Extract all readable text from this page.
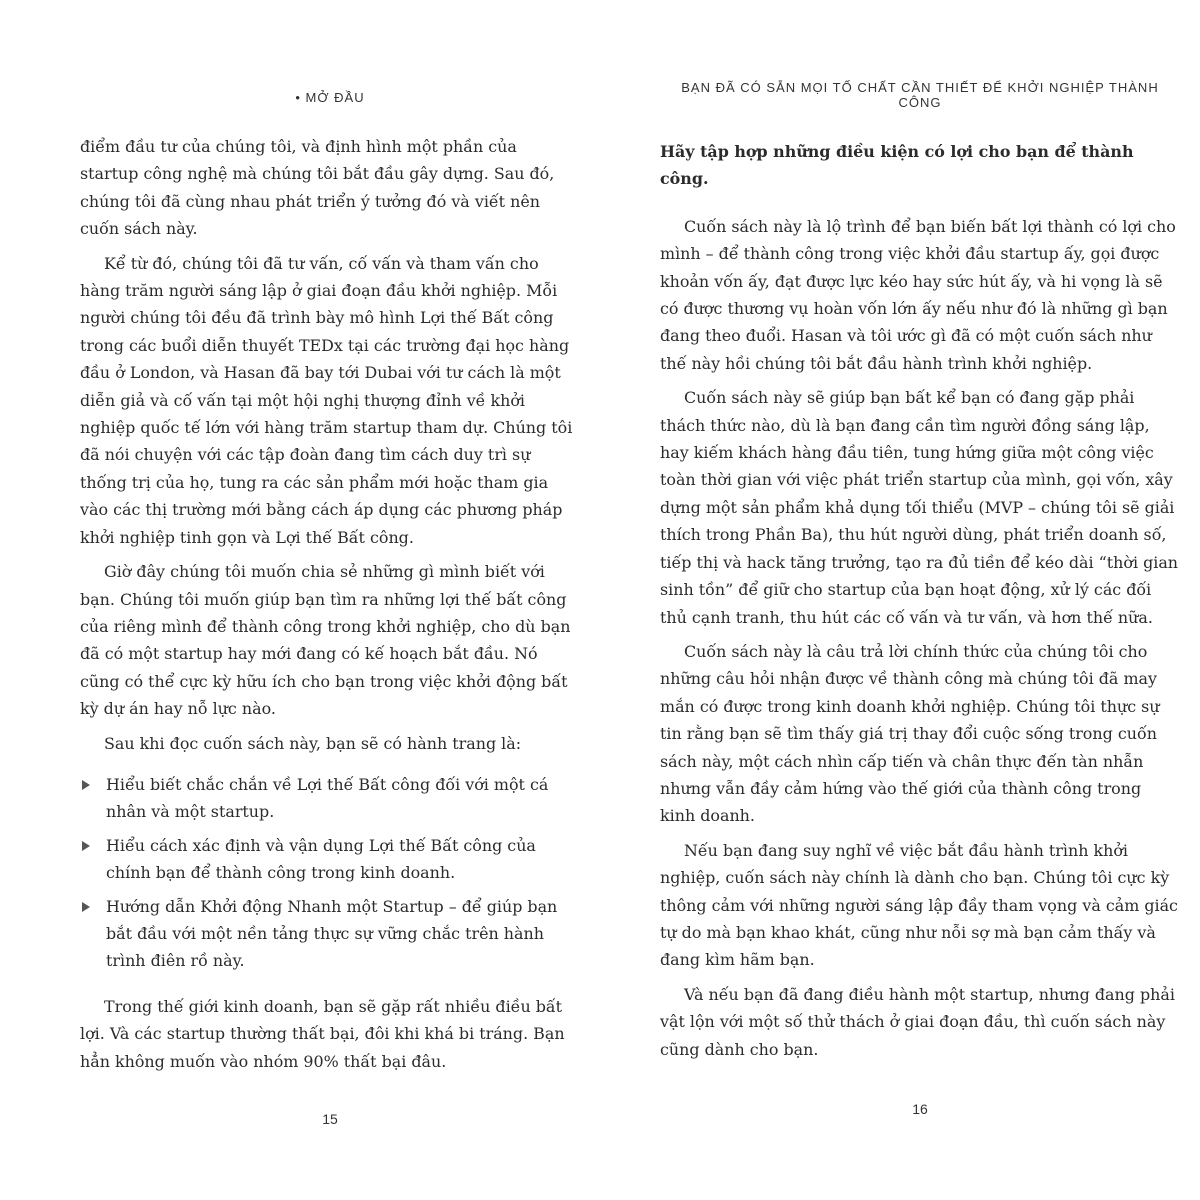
• MỞ ĐẦU

điểm đầu tư của chúng tôi, và định hình một phần của startup công nghệ mà chúng tôi bắt đầu gây dựng. Sau đó, chúng tôi đã cùng nhau phát triển ý tưởng đó và viết nên cuốn sách này.

Kể từ đó, chúng tôi đã tư vấn, cố vấn và tham vấn cho hàng trăm người sáng lập ở giai đoạn đầu khởi nghiệp. Mỗi người chúng tôi đều đã trình bày mô hình Lợi thế Bất công trong các buổi diễn thuyết TEDx tại các trường đại học hàng đầu ở London, và Hasan đã bay tới Dubai với tư cách là một diễn giả và cố vấn tại một hội nghị thượng đỉnh về khởi nghiệp quốc tế lớn với hàng trăm startup tham dự. Chúng tôi đã nói chuyện với các tập đoàn đang tìm cách duy trì sự thống trị của họ, tung ra các sản phẩm mới hoặc tham gia vào các thị trường mới bằng cách áp dụng các phương pháp khởi nghiệp tinh gọn và Lợi thế Bất công.

Giờ đây chúng tôi muốn chia sẻ những gì mình biết với bạn. Chúng tôi muốn giúp bạn tìm ra những lợi thế bất công của riêng mình để thành công trong khởi nghiệp, cho dù bạn đã có một startup hay mới đang có kế hoạch bắt đầu. Nó cũng có thể cực kỳ hữu ích cho bạn trong việc khởi động bất kỳ dự án hay nỗ lực nào.

Sau khi đọc cuốn sách này, bạn sẽ có hành trang là:

Hiểu biết chắc chắn về Lợi thế Bất công đối với một cá nhân và một startup.
Hiểu cách xác định và vận dụng Lợi thế Bất công của chính bạn để thành công trong kinh doanh.
Hướng dẫn Khởi động Nhanh một Startup – để giúp bạn bắt đầu với một nền tảng thực sự vững chắc trên hành trình điên rồ này.

Trong thế giới kinh doanh, bạn sẽ gặp rất nhiều điều bất lợi. Và các startup thường thất bại, đôi khi khá bi tráng. Bạn hẳn không muốn vào nhóm 90% thất bại đâu.

15
BẠN ĐÃ CÓ SẴN MỌI TỐ CHẤT CẦN THIẾT ĐỂ KHỞI NGHIỆP THÀNH CÔNG
Hãy tập hợp những điều kiện có lợi cho bạn để thành công.

Cuốn sách này là lộ trình để bạn biến bất lợi thành có lợi cho mình – để thành công trong việc khởi đầu startup ấy, gọi được khoản vốn ấy, đạt được lực kéo hay sức hút ấy, và hi vọng là sẽ có được thương vụ hoàn vốn lớn ấy nếu như đó là những gì bạn đang theo đuổi. Hasan và tôi ước gì đã có một cuốn sách như thế này hồi chúng tôi bắt đầu hành trình khởi nghiệp.

Cuốn sách này sẽ giúp bạn bất kể bạn có đang gặp phải thách thức nào, dù là bạn đang cần tìm người đồng sáng lập, hay kiếm khách hàng đầu tiên, tung hứng giữa một công việc toàn thời gian với việc phát triển startup của mình, gọi vốn, xây dựng một sản phẩm khả dụng tối thiểu (MVP – chúng tôi sẽ giải thích trong Phần Ba), thu hút người dùng, phát triển doanh số, tiếp thị và hack tăng trưởng, tạo ra đủ tiền để kéo dài “thời gian sinh tồn” để giữ cho startup của bạn hoạt động, xử lý các đối thủ cạnh tranh, thu hút các cố vấn và tư vấn, và hơn thế nữa.

Cuốn sách này là câu trả lời chính thức của chúng tôi cho những câu hỏi nhận được về thành công mà chúng tôi đã may mắn có được trong kinh doanh khởi nghiệp. Chúng tôi thực sự tin rằng bạn sẽ tìm thấy giá trị thay đổi cuộc sống trong cuốn sách này, một cách nhìn cấp tiến và chân thực đến tàn nhẫn nhưng vẫn đầy cảm hứng vào thế giới của thành công trong kinh doanh.

Nếu bạn đang suy nghĩ về việc bắt đầu hành trình khởi nghiệp, cuốn sách này chính là dành cho bạn. Chúng tôi cực kỳ thông cảm với những người sáng lập đầy tham vọng và cảm giác tự do mà bạn khao khát, cũng như nỗi sợ mà bạn cảm thấy và đang kìm hãm bạn.

Và nếu bạn đã đang điều hành một startup, nhưng đang phải vật lộn với một số thử thách ở giai đoạn đầu, thì cuốn sách này cũng dành cho bạn.

16
